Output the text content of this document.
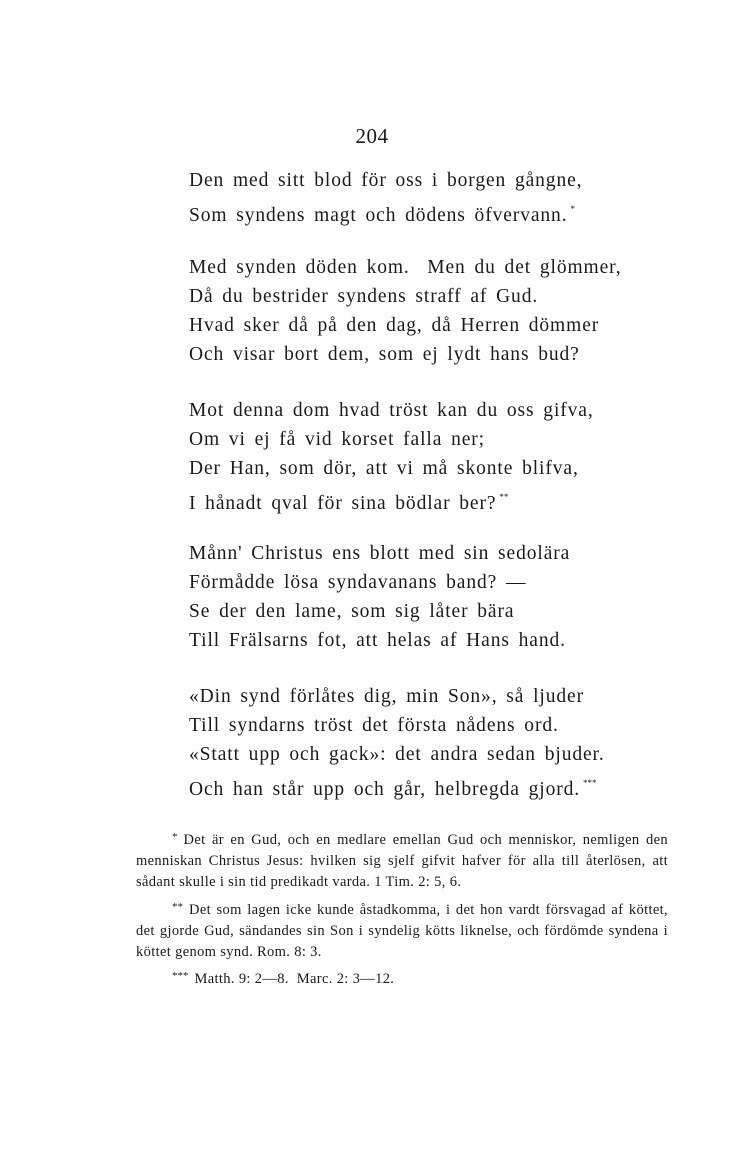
204
Den med sitt blod för oss i borgen gångne,
Som syndens magt och dödens öfvervann. *
Med synden döden kom.  Men du det glömmer,
Då du bestrider syndens straff af Gud.
Hvad sker då på den dag, då Herren dömmer
Och visar bort dem, som ej lydt hans bud?
Mot denna dom hvad tröst kan du oss gifva,
Om vi ej få vid korset falla ner;
Der Han, som dör, att vi må skonte blifva,
I hånadt qval för sina bödlar ber? **
Månn' Christus ens blott med sin sedolära
Förmådde lösa syndavanans band? —
Se der den lame, som sig låter bära
Till Frälsarns fot, att helas af Hans hand.
«Din synd förlåtes dig, min Son», så ljuder
Till syndarns tröst det första nådens ord.
«Statt upp och gack»: det andra sedan bjuder.
Och han står upp och går, helbregda gjord. ***

* Det är en Gud, och en medlare emellan Gud och menniskor, nemligen den menniskan Christus Jesus: hvilken sig sjelf gifvit hafver för alla till återlösen, att sådant skulle i sin tid predikadt varda. 1 Tim. 2: 5, 6.

** Det som lagen icke kunde åstadkomma, i det hon vardt försvagad af köttet, det gjorde Gud, sändandes sin Son i syndelig kötts liknelse, och fördömde syndena i köttet genom synd. Rom. 8: 3.

*** Matth. 9: 2—8.  Marc. 2: 3—12.
